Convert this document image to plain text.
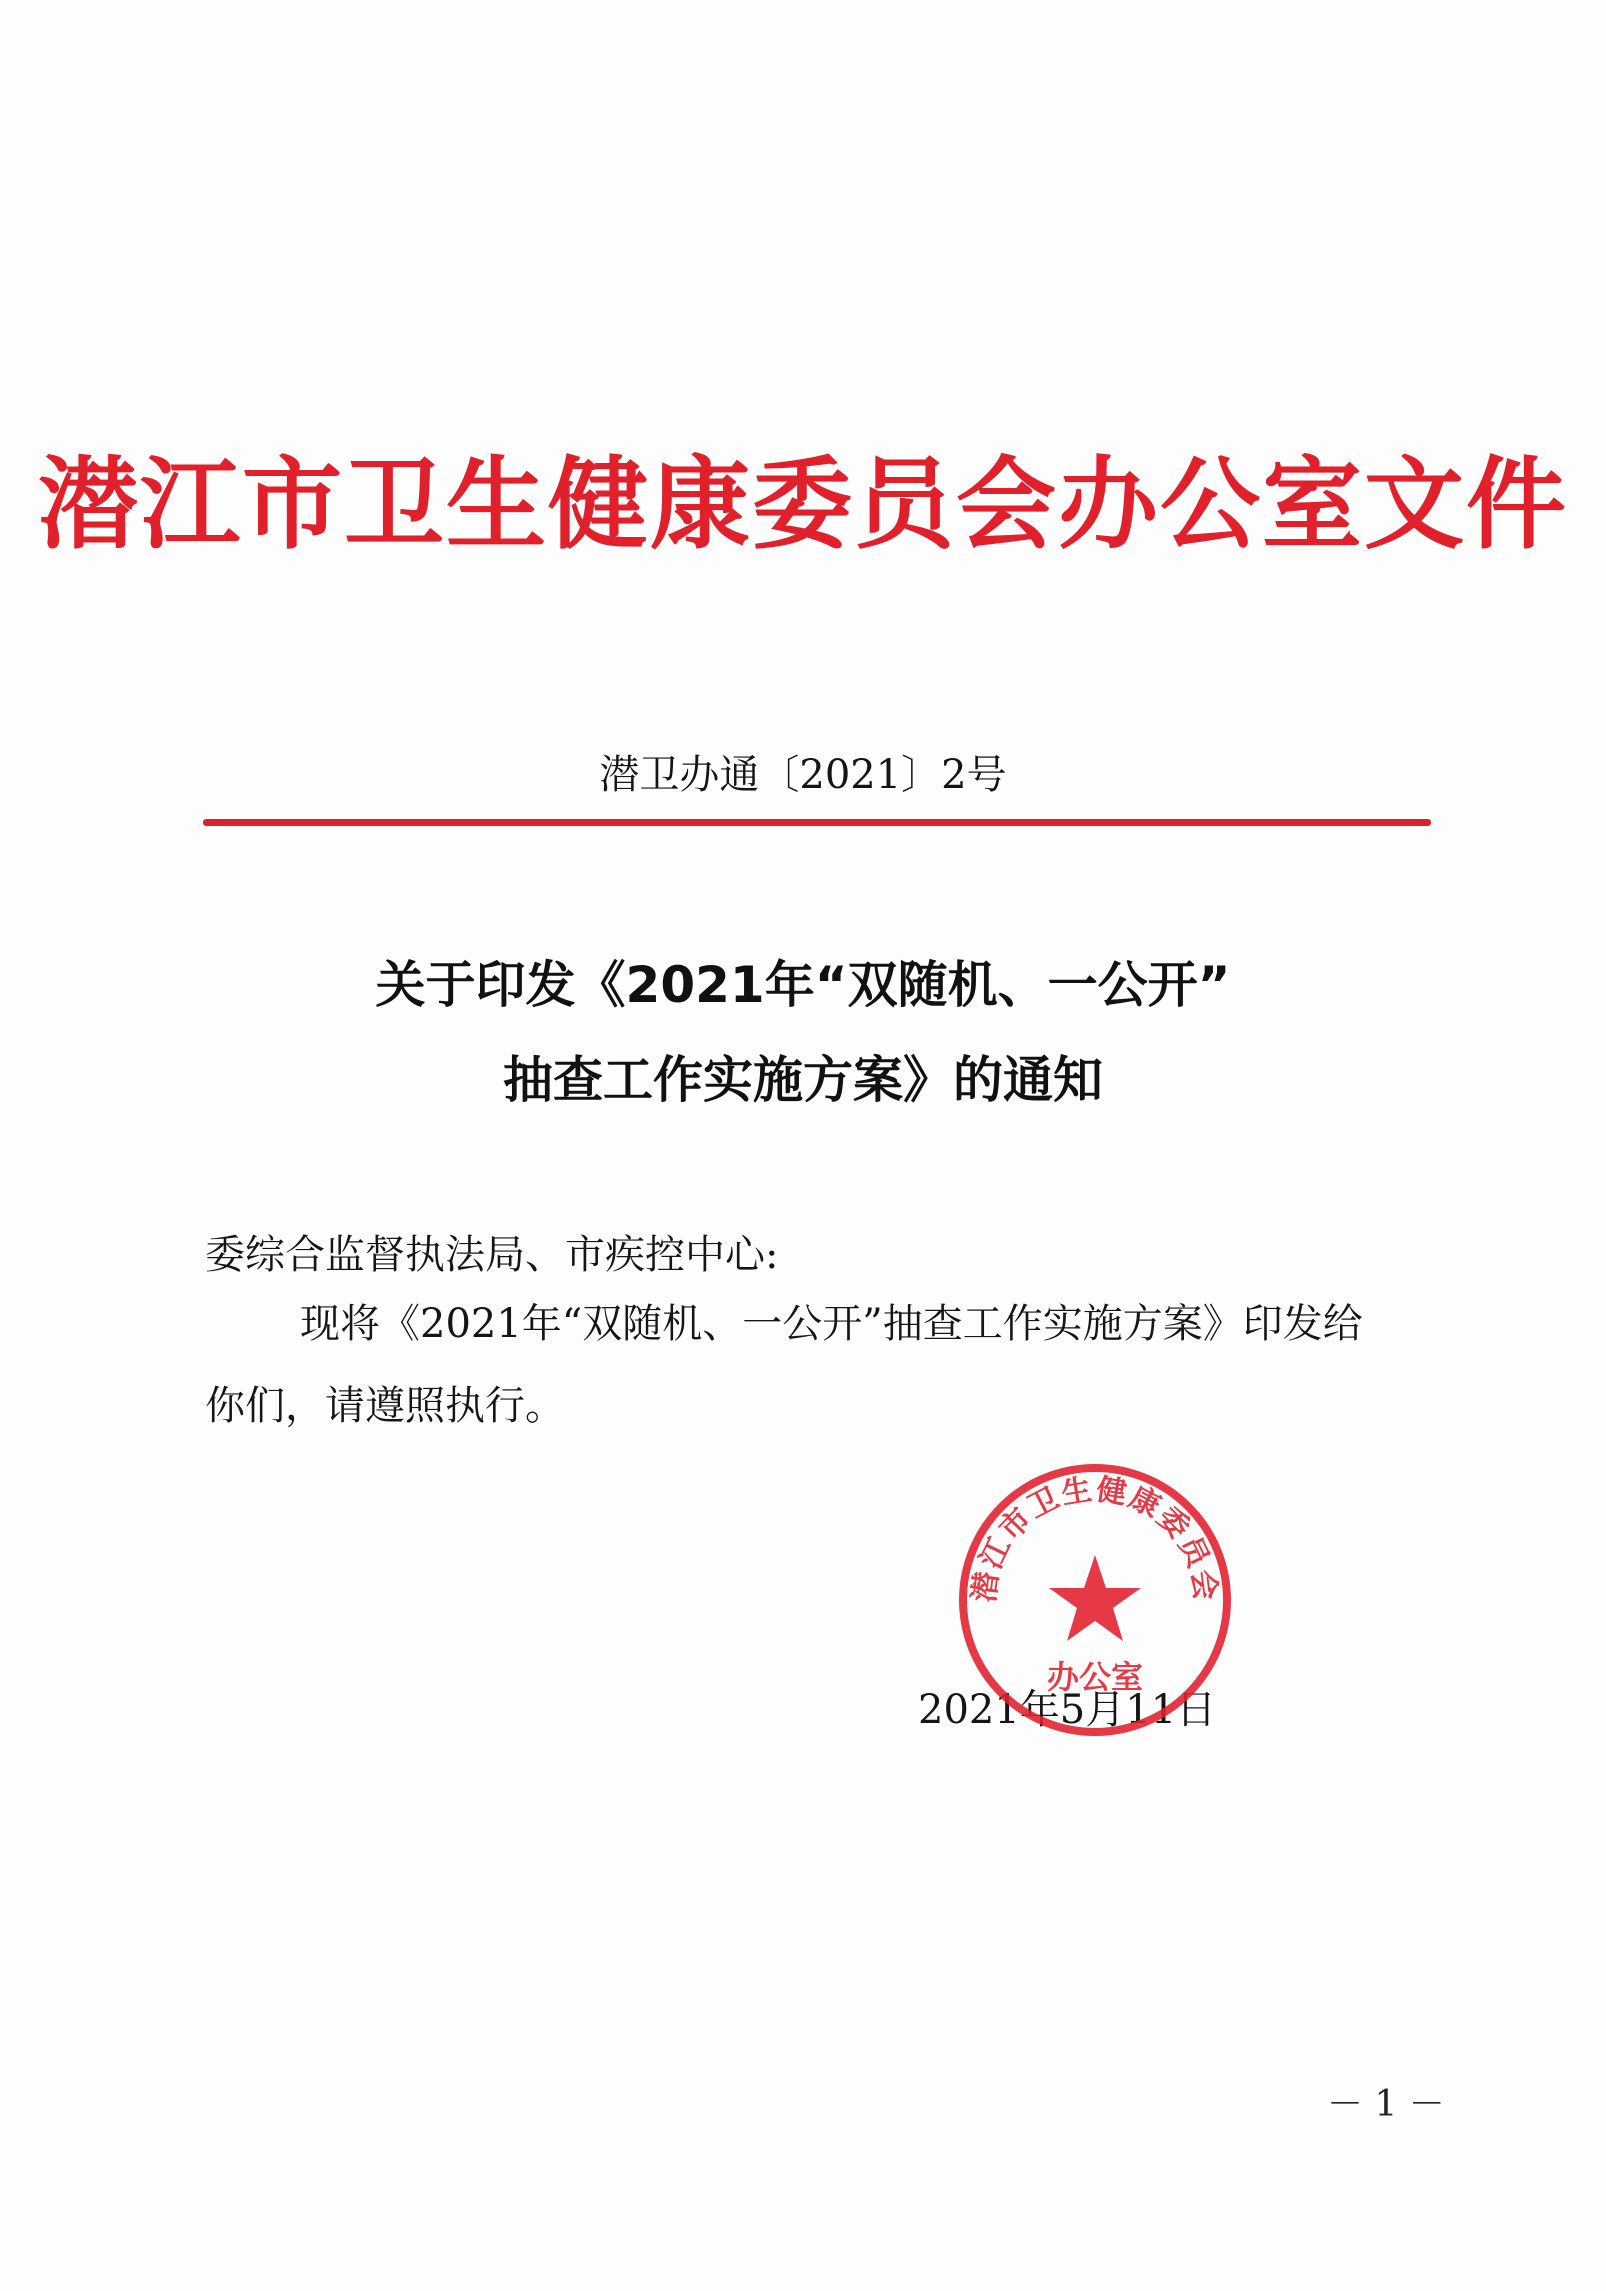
潜江市卫生健康委员会办公室文件
潜卫办通〔2021〕2号
关于印发《2021年“双随机、一公开”
抽查工作实施方案》的通知
委综合监督执法局、市疾控中心:
现将《2021年“双随机、一公开”抽查工作实施方案》印发给
你们，请遵照执行。
2021年5月11日
潜江市卫生健康委员会
办公室
－ 1 －
